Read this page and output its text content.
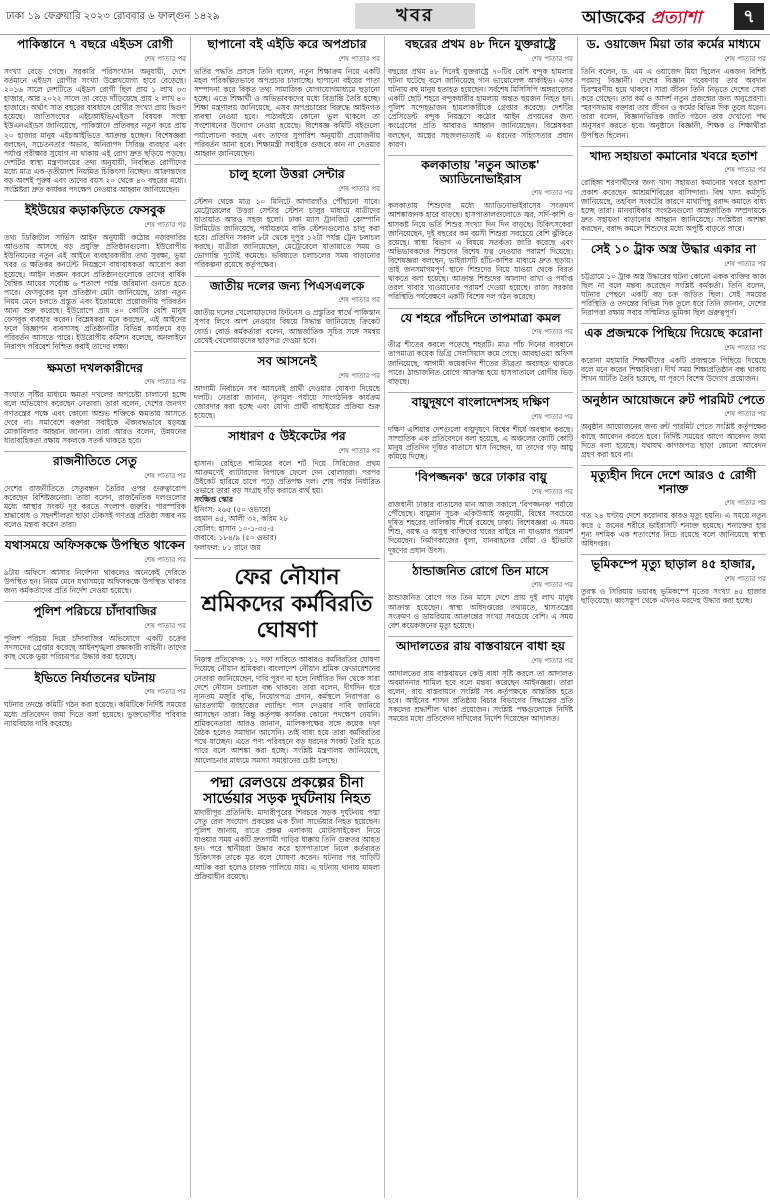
ঢাকা ১৯ ফেব্রুয়ারি ২০২৩ রোববার ৬ ফাল্গুন ১৪২৯	খবর	আজকের প্রত্যাশা	৭
পাকিস্তানে ৭ বছরে এইডস রোগী
শেষ পাতার পর

সংখ্যা বেড়ে গেছে। সরকারি পরিসংখ্যান অনুযায়ী, দেশে বর্তমানে এইডস রোগীর সংখ্যা উল্লেখযোগ্য হারে বেড়েছে। ২০১৬ সালে দেশটিতে এইডস রোগী ছিল প্রায় ১ লাখ ৩৩ হাজার, আর ২০২২ সালে তা বেড়ে দাঁড়িয়েছে প্রায় ২ লাখ ৪০ হাজারে। অর্থাৎ সাত বছরের ব্যবধানে রোগীর সংখ্যা প্রায় দ্বিগুণ হয়েছে। জাতিসংঘের এইচআইভি/এইডস বিষয়ক সংস্থা ইউএনএইডস জানিয়েছে, পাকিস্তানে প্রতিবছর নতুন করে প্রায় ২০ হাজার মানুষ এইচআইভিতে আক্রান্ত হচ্ছেন। বিশেষজ্ঞরা বলছেন, সচেতনতার অভাব, অনিরাপদ সিরিঞ্জ ব্যবহার এবং পর্যাপ্ত পরীক্ষার সুযোগ না থাকায় এই রোগ দ্রুত ছড়িয়ে পড়ছে। দেশটির স্বাস্থ্য মন্ত্রণালয়ের তথ্য অনুযায়ী, নিবন্ধিত রোগীদের মধ্যে মাত্র এক-তৃতীয়াংশ নিয়মিত চিকিৎসা নিচ্ছেন। আক্রান্তদের বড় অংশই পুরুষ এবং তাদের বয়স ২০ থেকে ৪০ বছরের মধ্যে। সংশ্লিষ্টরা দ্রুত কার্যকর পদক্ষেপ নেওয়ার আহ্বান জানিয়েছেন।

ইইউয়ের কড়াকড়িতে ফেসবুক
শেষ পাতার পর

তথ্য ডিজিটাল সার্ভিস আইন অনুযায়ী কঠোর নজরদারির আওতায় আসছে বড় প্রযুক্তি প্রতিষ্ঠানগুলো। ইউরোপীয় ইউনিয়নের নতুন এই আইনে ব্যবহারকারীর তথ্য সুরক্ষা, ভুয়া খবর ও ক্ষতিকর কনটেন্ট নিয়ন্ত্রণে বাধ্যবাধকতা আরোপ করা হয়েছে। আইন লঙ্ঘন করলে প্রতিষ্ঠানগুলোকে তাদের বার্ষিক বৈশ্বিক আয়ের সর্বোচ্চ ৬ শতাংশ পর্যন্ত জরিমানা গুনতে হতে পারে। ফেসবুকের মূল প্রতিষ্ঠান মেটা জানিয়েছে, তারা নতুন নিয়ম মেনে চলতে প্রস্তুত এবং ইতোমধ্যে প্রয়োজনীয় পরিবর্তন আনা শুরু করেছে। ইউরোপে প্রায় ৪০ কোটির বেশি মানুষ ফেসবুক ব্যবহার করেন। বিশ্লেষকরা মনে করছেন, এই আইনের ফলে বিজ্ঞাপন ব্যবসাসহ প্রতিষ্ঠানটির বিভিন্ন কার্যক্রমে বড় পরিবর্তন আসতে পারে। ইউরোপীয় কমিশন বলেছে, অনলাইনে নিরাপদ পরিবেশ নিশ্চিত করাই তাদের লক্ষ্য।

ক্ষমতা দখলকারীদের
শেষ পাতার পর

সংঘাত সৃষ্টির মাধ্যমে ক্ষমতা দখলের অপচেষ্টা চালানো হচ্ছে বলে অভিযোগ করেছেন নেতারা। তারা বলেন, দেশের জনগণ গণতন্ত্রের পক্ষে এবং কোনো অশুভ শক্তিকে ক্ষমতায় আসতে দেবে না। সমাবেশে বক্তারা সবাইকে ঐক্যবদ্ধভাবে ষড়যন্ত্র মোকাবিলার আহ্বান জানান। তারা আরও বলেন, উন্নয়নের ধারাবাহিকতা রক্ষায় সকলকে সতর্ক থাকতে হবে।

রাজনীতিতে সেতু
শেষ পাতার পর

দেশের রাজনীতিতে সেতুবন্ধন তৈরির ওপর গুরুত্বারোপ করেছেন বিশিষ্টজনেরা। তারা বলেন, রাজনৈতিক দলগুলোর মধ্যে আস্থার সংকট দূর করতে সংলাপ জরুরি। পারস্পরিক শ্রদ্ধাবোধ ও সহনশীলতা ছাড়া টেকসই গণতন্ত্র প্রতিষ্ঠা সম্ভব নয় বলেও মন্তব্য করেন তারা।

যথাসময়ে অফিসকক্ষে উপস্থিত থাকেন
শেষ পাতার পর

৯টায় অফিসে আসার নির্দেশনা থাকলেও অনেকেই দেরিতে উপস্থিত হন। নিয়ম মেনে যথাসময়ে অফিসকক্ষে উপস্থিত থাকার জন্য কর্মকর্তাদের প্রতি নির্দেশ দেওয়া হয়েছে।

পুলিশ পরিচয়ে চাঁদাবাজির
শেষ পাতার পর

পুলিশ পরিচয় দিয়ে চাঁদাবাজির অভিযোগে একটি চক্রের সদস্যদের গ্রেপ্তার করেছে আইনশৃঙ্খলা রক্ষাকারী বাহিনী। তাদের কাছ থেকে ভুয়া পরিচয়পত্র উদ্ধার করা হয়েছে।

ইভিতে নির্যাতনের ঘটনায়
শেষ পাতার পর

ঘটনার তদন্তে কমিটি গঠন করা হয়েছে। কমিটিকে নির্দিষ্ট সময়ের মধ্যে প্রতিবেদন জমা দিতে বলা হয়েছে। ভুক্তভোগীর পরিবার ন্যায়বিচার দাবি করেছে।

ছাপানো বই এইডি করে অপপ্রচার
শেষ পাতার পর

ভর্তির পদ্ধতি প্রসঙ্গে তিনি বলেন, নতুন শিক্ষাক্রম নিয়ে একটি মহল পরিকল্পিতভাবে অপপ্রচার চালাচ্ছে। ছাপানো বইয়ের পাতা সম্পাদনা করে বিকৃত তথ্য সামাজিক যোগাযোগমাধ্যমে ছড়ানো হচ্ছে। এতে শিক্ষার্থী ও অভিভাবকদের মধ্যে বিভ্রান্তি তৈরি হচ্ছে। শিক্ষা মন্ত্রণালয় জানিয়েছে, এসব অপপ্রচারের বিরুদ্ধে আইনগত ব্যবস্থা নেওয়া হবে। পাঠ্যবইয়ে কোনো ভুল থাকলে তা সংশোধনের উদ্যোগ নেওয়া হয়েছে। বিশেষজ্ঞ কমিটি বইগুলো পর্যালোচনা করছে এবং তাদের সুপারিশ অনুযায়ী প্রয়োজনীয় পরিবর্তন আনা হবে। শিক্ষামন্ত্রী সবাইকে গুজবে কান না দেওয়ার আহ্বান জানিয়েছেন।

চালু হলো উত্তরা সেন্টার
শেষ পাতার পর

স্টেশন থেকে মাত্র ১০ মিনিটে আগারগাঁও পৌঁছানো যাবে। মেট্রোরেলের উত্তরা সেন্টার স্টেশন চালুর মাধ্যমে যাত্রীদের যাতায়াত আরও সহজ হলো। ঢাকা ম্যাস ট্রানজিট কোম্পানি লিমিটেড জানিয়েছে, পর্যায়ক্রমে বাকি স্টেশনগুলোও চালু করা হবে। প্রতিদিন সকাল ৮টা থেকে দুপুর ১২টা পর্যন্ত ট্রেন চলাচল করছে। যাত্রীরা জানিয়েছেন, মেট্রোরেলে যাতায়াতে সময় ও ভোগান্তি দুটোই কমেছে। ভবিষ্যতে চলাচলের সময় বাড়ানোর পরিকল্পনা রয়েছে কর্তৃপক্ষের।

জাতীয় দলের জন্য পিএসএলকে
শেষ পাতার পর

জাতীয় দলের খেলোয়াড়দের ফিটনেস ও প্রস্তুতির স্বার্থে পাকিস্তান সুপার লিগে অংশ নেওয়ার বিষয়ে সিদ্ধান্ত জানিয়েছে ক্রিকেট বোর্ড। বোর্ড কর্মকর্তারা বলেন, আন্তর্জাতিক সূচির সঙ্গে সমন্বয় রেখেই খেলোয়াড়দের ছাড়পত্র দেওয়া হবে।

সব আসনেই
শেষ পাতার পর

আগামী নির্বাচনে সব আসনেই প্রার্থী দেওয়ার ঘোষণা দিয়েছে দলটি। নেতারা জানান, তৃণমূল পর্যায়ে সাংগঠনিক কার্যক্রম জোরদার করা হচ্ছে এবং যোগ্য প্রার্থী বাছাইয়ের প্রক্রিয়া শুরু হয়েছে।

সাধারণ ৫ উইকেটের পর
শেষ পাতার পর

হাসান। রেহিতে শামিমের বলে শর্ট দিয়ে সিরিজের প্রথম আক্রমণেই ব্যাটারদের বিপাকে ফেলে দেন বোলাররা। পরপর উইকেট হারিয়ে চাপে পড়ে প্রতিপক্ষ দল। শেষ পর্যন্ত নির্ধারিত ওভারে তারা বড় সংগ্রহ দাঁড় করাতে ব্যর্থ হয়।

সংক্ষিপ্ত স্কোর
ইনিংস: ২৬৫ (৫০ ওভারে)
রহমান ৪৫, আলী ৩২, করিম ২৮
বোলিং: হাসান ১০-১-৩৫-৫
জবাবে: ১৮৪/৯ (৫০ ওভার)
ফলাফল: ৮১ রানে জয়
ফের নৌযান শ্রমিকদের কর্মবিরতি ঘোষণা

নিজস্ব প্রতিবেদক: ১১ দফা দাবিতে আবারও কর্মবিরতির ঘোষণা দিয়েছে নৌযান শ্রমিকরা। বাংলাদেশ নৌযান শ্রমিক ফেডারেশনের নেতারা জানিয়েছেন, দাবি পূরণ না হলে নির্ধারিত দিন থেকে সারা দেশে নৌযান চলাচল বন্ধ থাকবে। তারা বলেন, দীর্ঘদিন ধরে ন্যূনতম মজুরি বৃদ্ধি, নিয়োগপত্র প্রদান, কর্মস্থলে নিরাপত্তা ও ভারতগামী জাহাজের ল্যান্ডিং পাস দেওয়ার দাবি জানিয়ে আসছেন তারা। কিন্তু কর্তৃপক্ষ কার্যকর কোনো পদক্ষেপ নেয়নি। শ্রমিকনেতারা আরও জানান, মালিকপক্ষের সঙ্গে কয়েক দফা বৈঠক হলেও সমাধান আসেনি। তাই বাধ্য হয়ে তারা কর্মবিরতির পথে যাচ্ছেন। এতে পণ্য পরিবহনে বড় ধরনের সংকট তৈরি হতে পারে বলে আশঙ্কা করা হচ্ছে। সংশ্লিষ্ট মন্ত্রণালয় জানিয়েছে, আলোচনার মাধ্যমে সমস্যা সমাধানের চেষ্টা চলছে।

পদ্মা রেলওয়ে প্রকল্পের চীনা সার্ভেয়ার সড়ক দুর্ঘটনায় নিহত

মাদারীপুর প্রতিনিধি: মাদারীপুরের শিবচরে সড়ক দুর্ঘটনায় পদ্মা সেতু রেল সংযোগ প্রকল্পের এক চীনা সার্ভেয়ার নিহত হয়েছেন। পুলিশ জানায়, রাতে প্রকল্প এলাকায় মোটরসাইকেল নিয়ে যাওয়ার সময় একটি দ্রুতগামী গাড়ির ধাক্কায় তিনি গুরুতর আহত হন। পরে স্থানীয়রা উদ্ধার করে হাসপাতালে নিলে কর্তব্যরত চিকিৎসক তাকে মৃত বলে ঘোষণা করেন। ঘটনার পর গাড়িটি আটক করা হলেও চালক পালিয়ে যায়। এ ঘটনায় থানায় মামলা প্রক্রিয়াধীন রয়েছে।

বছরের প্রথম ৪৮ দিনে যুক্তরাষ্ট্রে
শেষ পাতার পর

বছরের প্রথম ৪৮ দিনেই যুক্তরাষ্ট্রে ৭০টির বেশি বন্দুক হামলার ঘটনা ঘটেছে বলে জানিয়েছে গান ভায়োলেন্স আর্কাইভ। এসব ঘটনায় বহু মানুষ হতাহত হয়েছেন। সর্বশেষ মিসিসিপি অঙ্গরাজ্যের একটি ছোট শহরে বন্দুকধারীর হামলায় অন্তত ছয়জন নিহত হন। পুলিশ সন্দেহভাজন হামলাকারীকে গ্রেপ্তার করেছে। দেশটির প্রেসিডেন্ট বন্দুক নিয়ন্ত্রণে কঠোর আইন প্রণয়নের জন্য কংগ্রেসের প্রতি আবারও আহ্বান জানিয়েছেন। বিশ্লেষকরা বলছেন, অস্ত্রের সহজলভ্যতাই এ ধরনের সহিংসতার প্রধান কারণ।

কলকাতায় 'নতুন আতঙ্ক' অ্যাডিনোভাইরাস
শেষ পাতার পর

কলকাতায় শিশুদের মধ্যে অ্যাডিনোভাইরাসের সংক্রমণ আশঙ্কাজনক হারে বাড়ছে। হাসপাতালগুলোতে জ্বর, সর্দি-কাশি ও শ্বাসকষ্ট নিয়ে ভর্তি শিশুর সংখ্যা দিন দিন বাড়ছে। চিকিৎসকেরা জানিয়েছেন, দুই বছরের কম বয়সী শিশুরা সবচেয়ে বেশি ঝুঁকিতে রয়েছে। স্বাস্থ্য বিভাগ এ বিষয়ে সতর্কতা জারি করেছে এবং অভিভাবকদের শিশুদের বিশেষ যত্ন নেওয়ার পরামর্শ দিয়েছে। বিশেষজ্ঞরা বলছেন, ভাইরাসটি হাঁচি-কাশির মাধ্যমে দ্রুত ছড়ায়। তাই জনসমাগমপূর্ণ স্থানে শিশুদের নিয়ে যাওয়া থেকে বিরত থাকতে বলা হয়েছে। আক্রান্ত শিশুদের আলাদা রাখা ও পর্যাপ্ত তরল খাবার খাওয়ানোর পরামর্শ দেওয়া হয়েছে। রাজ্য সরকার পরিস্থিতি পর্যবেক্ষণে একটি বিশেষ দল গঠন করেছে।

যে শহরে পাঁচদিনে তাপমাত্রা কমল
শেষ পাতার পর

তীব্র শীতের কবলে পড়েছে শহরটি। মাত্র পাঁচ দিনের ব্যবধানে তাপমাত্রা কয়েক ডিগ্রি সেলসিয়াস কমে গেছে। আবহাওয়া অফিস জানিয়েছে, আগামী কয়েকদিন শীতের তীব্রতা অব্যাহত থাকতে পারে। ঠান্ডাজনিত রোগে আক্রান্ত হয়ে হাসপাতালে রোগীর ভিড় বাড়ছে।

বায়ুদূষণে বাংলাদেশসহ দক্ষিণ
শেষ পাতার পর

দক্ষিণ এশিয়ার দেশগুলো বায়ুদূষণে বিশ্বের শীর্ষে অবস্থান করছে। সাম্প্রতিক এক প্রতিবেদনে বলা হয়েছে, এ অঞ্চলের কোটি কোটি মানুষ প্রতিদিন দূষিত বাতাসে শ্বাস নিচ্ছেন, যা তাদের গড় আয়ু কমিয়ে দিচ্ছে।

'বিপজ্জনক' স্তরে ঢাকার বায়ু
শেষ পাতার পর

রাজধানী ঢাকার বাতাসের মান আজ সকালে 'বিপজ্জনক' পর্যায়ে পৌঁছেছে। বায়ুমান সূচক একিউআই অনুযায়ী, বিশ্বের সবচেয়ে দূষিত শহরের তালিকায় শীর্ষে রয়েছে ঢাকা। বিশেষজ্ঞরা এ সময় শিশু, বয়স্ক ও অসুস্থ ব্যক্তিদের ঘরের বাইরে না যাওয়ার পরামর্শ দিয়েছেন। নির্মাণকাজের ধুলা, যানবাহনের ধোঁয়া ও ইটভাটা দূষণের প্রধান উৎস।

ঠান্ডাজনিত রোগে তিন মাসে
শেষ পাতার পর

ঠান্ডাজনিত রোগে গত তিন মাসে দেশে প্রায় দুই লাখ মানুষ আক্রান্ত হয়েছেন। স্বাস্থ্য অধিদপ্তরের তথ্যমতে, শ্বাসতন্ত্রের সংক্রমণ ও ডায়রিয়ায় আক্রান্তের সংখ্যা সবচেয়ে বেশি। এ সময় বেশ কয়েকজনের মৃত্যু হয়েছে।

আদালতের রায় বাস্তবায়নে বাধা হয়
শেষ পাতার পর

আদালতের রায় বাস্তবায়নে কেউ বাধা সৃষ্টি করলে তা আদালত অবমাননার শামিল হবে বলে মন্তব্য করেছেন আইনজ্ঞরা। তারা বলেন, রায় বাস্তবায়নে সংশ্লিষ্ট সব কর্তৃপক্ষকে আন্তরিক হতে হবে। আইনের শাসন প্রতিষ্ঠায় বিচার বিভাগের সিদ্ধান্তের প্রতি সকলের শ্রদ্ধাশীল থাকা প্রয়োজন। সংশ্লিষ্ট পক্ষগুলোকে নির্দিষ্ট সময়ের মধ্যে প্রতিবেদন দাখিলের নির্দেশ দিয়েছেন আদালত।

ড. ওয়াজেদ মিয়া তার কর্মের মাধ্যমে
শেষ পাতার পর

তিনি বলেন, ড. এম এ ওয়াজেদ মিয়া ছিলেন একজন বিশিষ্ট পরমাণু বিজ্ঞানী। দেশের বিজ্ঞান গবেষণায় তার অবদান চিরস্মরণীয় হয়ে থাকবে। সারা জীবন তিনি নিভৃতে দেশের সেবা করে গেছেন। তার কর্ম ও আদর্শ নতুন প্রজন্মের জন্য অনুপ্রেরণা। স্মরণসভায় বক্তারা তার জীবন ও কর্মের বিভিন্ন দিক তুলে ধরেন। তারা বলেন, বিজ্ঞানভিত্তিক জাতি গঠনে তার দেখানো পথ অনুসরণ করতে হবে। অনুষ্ঠানে বিজ্ঞানী, শিক্ষক ও শিক্ষার্থীরা উপস্থিত ছিলেন।

খাদ্য সহায়তা কমানোর খবরে হতাশ
শেষ পাতার পর

রোহিঙ্গা শরণার্থীদের জন্য খাদ্য সহায়তা কমানোর খবরে হতাশা প্রকাশ করেছেন আশ্রয়শিবিরের বাসিন্দারা। বিশ্ব খাদ্য কর্মসূচি জানিয়েছে, তহবিল সংকটের কারণে মাথাপিছু বরাদ্দ কমাতে বাধ্য হচ্ছে তারা। মানবাধিকার সংগঠনগুলো আন্তর্জাতিক সম্প্রদায়কে দ্রুত সহায়তা বাড়ানোর আহ্বান জানিয়েছে। সংশ্লিষ্টরা আশঙ্কা করছেন, বরাদ্দ কমলে শিশুদের মধ্যে অপুষ্টি বাড়তে পারে।

সেই ১০ ট্রাক অস্ত্র উদ্ধার একার না
শেষ পাতার পর

চট্টগ্রামে ১০ ট্রাক অস্ত্র উদ্ধারের ঘটনা কোনো একক ব্যক্তির কাজ ছিল না বলে মন্তব্য করেছেন সংশ্লিষ্ট কর্মকর্তা। তিনি বলেন, ঘটনার পেছনে একটি বড় চক্র জড়িত ছিল। সেই সময়ের পরিস্থিতি ও তদন্তের বিভিন্ন দিক তুলে ধরে তিনি জানান, দেশের নিরাপত্তা রক্ষায় সবার সম্মিলিত ভূমিকা ছিল গুরুত্বপূর্ণ।

এক প্রজন্মকে পিছিয়ে দিয়েছে করোনা
শেষ পাতার পর

করোনা মহামারি শিক্ষার্থীদের একটি প্রজন্মকে পিছিয়ে দিয়েছে বলে মনে করেন শিক্ষাবিদরা। দীর্ঘ সময় শিক্ষাপ্রতিষ্ঠান বন্ধ থাকায় শিখন ঘাটতি তৈরি হয়েছে, যা পূরণে বিশেষ উদ্যোগ প্রয়োজন।

অনুষ্ঠান আয়োজনে রুট পারমিট পেতে
শেষ পাতার পর

অনুষ্ঠান আয়োজনের জন্য রুট পারমিট পেতে সংশ্লিষ্ট কর্তৃপক্ষের কাছে আবেদন করতে হবে। নির্দিষ্ট সময়ের আগে আবেদন জমা দিতে বলা হয়েছে। যথাযথ কাগজপত্র ছাড়া কোনো আবেদন গ্রহণ করা হবে না।

মৃত্যুহীন দিনে দেশে আরও ৫ রোগী শনাক্ত
শেষ পাতার পর

গত ২৪ ঘণ্টায় দেশে করোনায় কারও মৃত্যু হয়নি। এ সময়ে নতুন করে ৫ জনের শরীরে ভাইরাসটি শনাক্ত হয়েছে। শনাক্তের হার শূন্য দশমিক এক শতাংশের নিচে রয়েছে বলে জানিয়েছে স্বাস্থ্য অধিদপ্তর।

ভূমিকম্পে মৃত্যু ছাড়াল ৪৫ হাজার,
শেষ পাতার পর

তুরস্ক ও সিরিয়ায় ভয়াবহ ভূমিকম্পে মৃতের সংখ্যা ৪৫ হাজার ছাড়িয়েছে। ধ্বংসস্তূপ থেকে এখনও মরদেহ উদ্ধার করা হচ্ছে।
